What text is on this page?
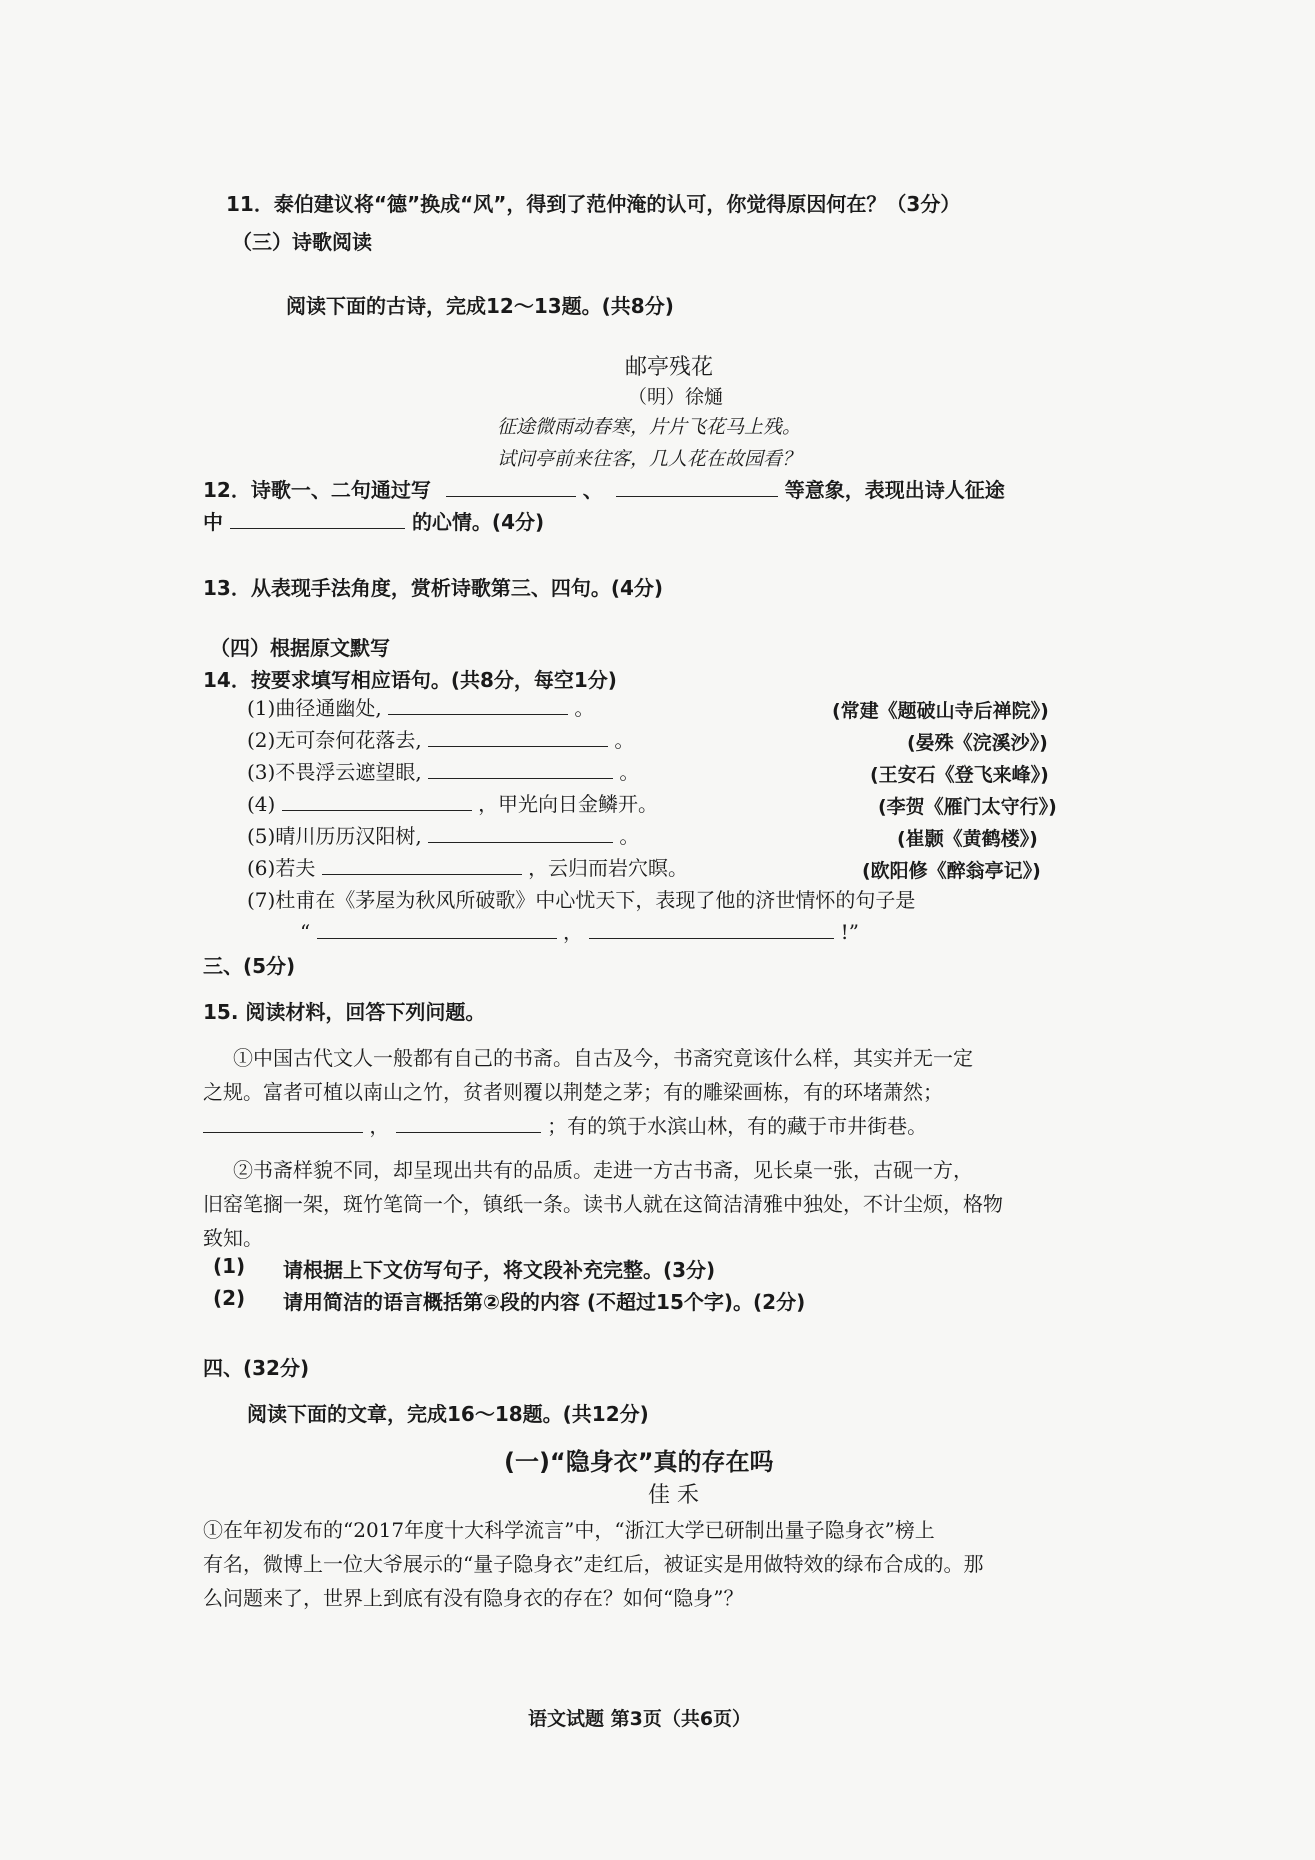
11．泰伯建议将“德”换成“风”，得到了范仲淹的认可，你觉得原因何在？（3分）
（三）诗歌阅读
阅读下面的古诗，完成12～13题。(共8分)
邮亭残花
（明）徐熥
征途微雨动春寒，片片飞花马上残。
试问亭前来往客，几人花在故园看？
12．诗歌一、二句通过写	、	等意象，表现出诗人征途
中	的心情。(4分)
13．从表现手法角度，赏析诗歌第三、四句。(4分)
（四）根据原文默写
14．按要求填写相应语句。(共8分，每空1分)
(1)曲径通幽处,	。	(常建《题破山寺后禅院》)
(2)无可奈何花落去,	。	(晏殊《浣溪沙》)
(3)不畏浮云遮望眼,	。	(王安石《登飞来峰》)
(4)	，甲光向日金鳞开。	(李贺《雁门太守行》)
(5)晴川历历汉阳树,	。	(崔颢《黄鹤楼》)
(6)若夫	，云归而岩穴暝。	(欧阳修《醉翁亭记》)
(7)杜甫在《茅屋为秋风所破歌》中心忧天下，表现了他的济世情怀的句子是
“	，	!”
三、(5分)
15. 阅读材料，回答下列问题。
①中国古代文人一般都有自己的书斋。自古及今，书斋究竟该什么样，其实并无一定
之规。富者可植以南山之竹，贫者则覆以荆楚之茅；有的雕梁画栋，有的环堵萧然；
，	；有的筑于水滨山林，有的藏于市井街巷。
②书斋样貌不同，却呈现出共有的品质。走进一方古书斋，见长桌一张，古砚一方，
旧窑笔搁一架，斑竹笔筒一个，镇纸一条。读书人就在这简洁清雅中独处，不计尘烦，格物
致知。
(1) 请根据上下文仿写句子，将文段补充完整。(3分)
(2) 请用简洁的语言概括第②段的内容 (不超过15个字)。(2分)
四、(32分)
阅读下面的文章，完成16～18题。(共12分)
(一)“隐身衣”真的存在吗
佳 禾
①在年初发布的“2017年度十大科学流言”中，“浙江大学已研制出量子隐身衣”榜上
有名，微博上一位大爷展示的“量子隐身衣”走红后，被证实是用做特效的绿布合成的。那
么问题来了，世界上到底有没有隐身衣的存在？如何“隐身”？
语文试题 第3页（共6页）
